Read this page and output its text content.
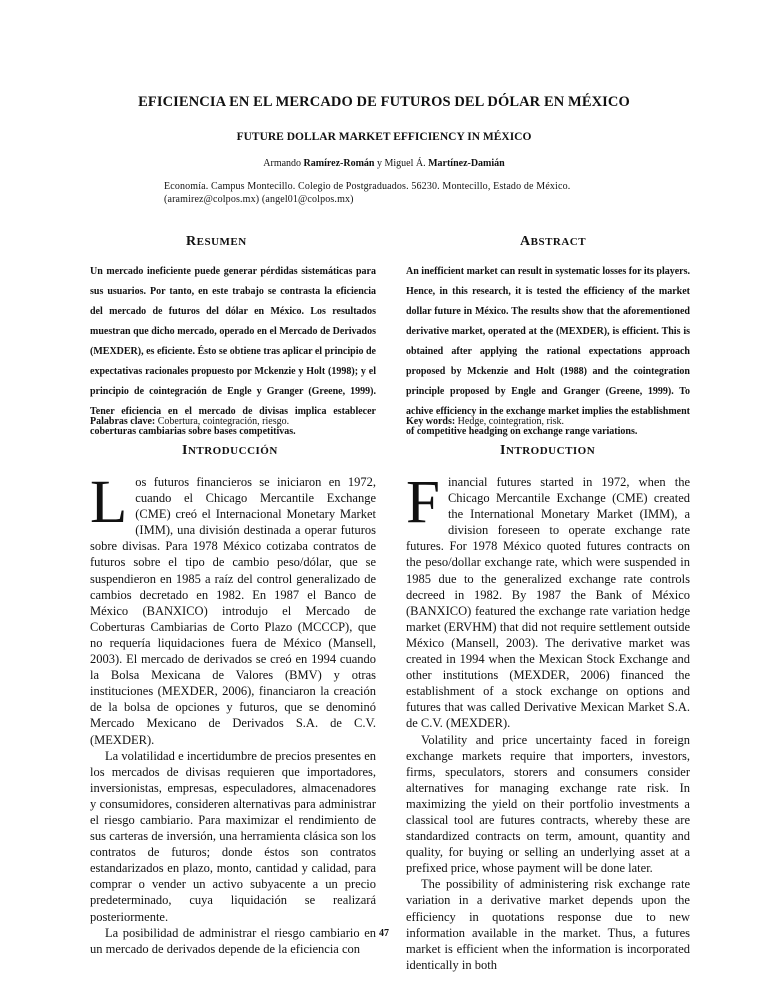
EFICIENCIA EN EL MERCADO DE FUTUROS DEL DÓLAR EN MÉXICO
FUTURE DOLLAR MARKET EFFICIENCY IN MÉXICO
Armando Ramírez-Román y Miguel Á. Martínez-Damián
Economía. Campus Montecillo. Colegio de Postgraduados. 56230. Montecillo, Estado de México.
(aramirez@colpos.mx) (angel01@colpos.mx)
RESUMEN
Un mercado ineficiente puede generar pérdidas sistemáticas para sus usuarios. Por tanto, en este trabajo se contrasta la eficiencia del mercado de futuros del dólar en México. Los resultados muestran que dicho mercado, operado en el Mercado de Derivados (MEXDER), es eficiente. Ésto se obtiene tras aplicar el principio de expectativas racionales propuesto por Mckenzie y Holt (1998); y el principio de cointegración de Engle y Granger (Greene, 1999). Tener eficiencia en el mercado de divisas implica establecer coberturas cambiarias sobre bases competitivas.
Palabras clave: Cobertura, cointegración, riesgo.
ABSTRACT
An inefficient market can result in systematic losses for its players. Hence, in this research, it is tested the efficiency of the market dollar future in México. The results show that the aforementioned derivative market, operated at the (MEXDER), is efficient. This is obtained after applying the rational expectations approach proposed by Mckenzie and Holt (1988) and the cointegration principle proposed by Engle and Granger (Greene, 1999). To achive efficiency in the exchange market implies the establishment of competitive headging on exchange range variations.
Key words: Hedge, cointegration, risk.
INTRODUCCIÓN

Los futuros financieros se iniciaron en 1972, cuando el Chicago Mercantile Exchange (CME) creó el Internacional Monetary Market (IMM), una división destinada a operar futuros sobre divisas. Para 1978 México cotizaba contratos de futuros sobre el tipo de cambio peso/dólar, que se suspendieron en 1985 a raíz del control generalizado de cambios decretado en 1982. En 1987 el Banco de México (BANXICO) introdujo el Mercado de Coberturas Cambiarias de Corto Plazo (MCCCP), que no requería liquidaciones fuera de México (Mansell, 2003). El mercado de derivados se creó en 1994 cuando la Bolsa Mexicana de Valores (BMV) y otras instituciones (MEXDER, 2006), financiaron la creación de la bolsa de opciones y futuros, que se denominó Mercado Mexicano de Derivados S.A. de C.V. (MEXDER).

La volatilidad e incertidumbre de precios presentes en los mercados de divisas requieren que importadores, inversionistas, empresas, especuladores, almacenadores y consumidores, consideren alternativas para administrar el riesgo cambiario. Para maximizar el rendimiento de sus carteras de inversión, una herramienta clásica son los contratos de futuros; donde éstos son contratos estandarizados en plazo, monto, cantidad y calidad, para comprar o vender un activo subyacente a un precio predeterminado, cuya liquidación se realizará posteriormente.

La posibilidad de administrar el riesgo cambiario en un mercado de derivados depende de la eficiencia con

INTRODUCTION

Financial futures started in 1972, when the Chicago Mercantile Exchange (CME) created the International Monetary Market (IMM), a division foreseen to operate exchange rate futures. For 1978 México quoted futures contracts on the peso/dollar exchange rate, which were suspended in 1985 due to the generalized exchange rate controls decreed in 1982. By 1987 the Bank of México (BANXICO) featured the exchange rate variation hedge market (ERVHM) that did not require settlement outside México (Mansell, 2003). The derivative market was created in 1994 when the Mexican Stock Exchange and other institutions (MEXDER, 2006) financed the establishment of a stock exchange on options and futures that was called Derivative Mexican Market S.A. de C.V. (MEXDER).

Volatility and price uncertainty faced in foreign exchange markets require that importers, investors, firms, speculators, storers and consumers consider alternatives for managing exchange rate risk. In maximizing the yield on their portfolio investments a classical tool are futures contracts, whereby these are standardized contracts on term, amount, quantity and quality, for buying or selling an underlying asset at a prefixed price, whose payment will be done later.

The possibility of administering risk exchange rate variation in a derivative market depends upon the efficiency in quotations response due to new information available in the market. Thus, a futures market is efficient when the information is incorporated identically in both

47
